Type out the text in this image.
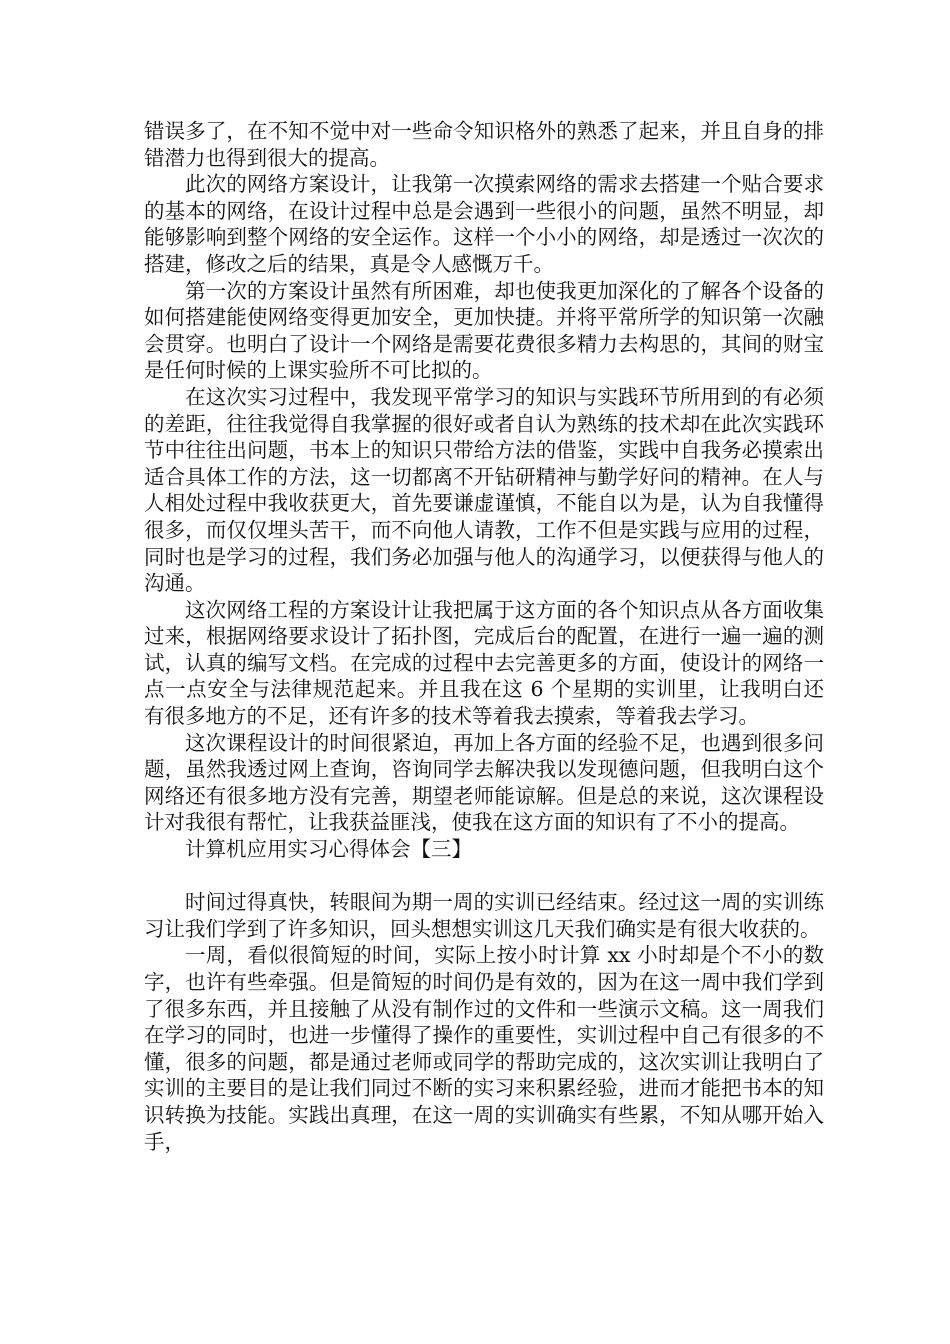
错误多了，在不知不觉中对一些命令知识格外的熟悉了起来，并且自身的排错潜力也得到很大的提高。

此次的网络方案设计，让我第一次摸索网络的需求去搭建一个贴合要求的基本的网络，在设计过程中总是会遇到一些很小的问题，虽然不明显，却能够影响到整个网络的安全运作。这样一个小小的网络，却是透过一次次的搭建，修改之后的结果，真是令人感慨万千。

第一次的方案设计虽然有所困难，却也使我更加深化的了解各个设备的如何搭建能使网络变得更加安全，更加快捷。并将平常所学的知识第一次融会贯穿。也明白了设计一个网络是需要花费很多精力去构思的，其间的财宝是任何时候的上课实验所不可比拟的。

在这次实习过程中，我发现平常学习的知识与实践环节所用到的有必须的差距，往往我觉得自我掌握的很好或者自认为熟练的技术却在此次实践环节中往往出问题，书本上的知识只带给方法的借鉴，实践中自我务必摸索出适合具体工作的方法，这一切都离不开钻研精神与勤学好问的精神。在人与人相处过程中我收获更大，首先要谦虚谨慎，不能自以为是，认为自我懂得很多，而仅仅埋头苦干，而不向他人请教，工作不但是实践与应用的过程，同时也是学习的过程，我们务必加强与他人的沟通学习，以便获得与他人的沟通。

这次网络工程的方案设计让我把属于这方面的各个知识点从各方面收集过来，根据网络要求设计了拓扑图，完成后台的配置，在进行一遍一遍的测试，认真的编写文档。在完成的过程中去完善更多的方面，使设计的网络一点一点安全与法律规范起来。并且我在这 6 个星期的实训里，让我明白还有很多地方的不足，还有许多的技术等着我去摸索，等着我去学习。

这次课程设计的时间很紧迫，再加上各方面的经验不足，也遇到很多问题，虽然我透过网上查询，咨询同学去解决我以发现德问题，但我明白这个网络还有很多地方没有完善，期望老师能谅解。但是总的来说，这次课程设计对我很有帮忙，让我获益匪浅，使我在这方面的知识有了不小的提高。

计算机应用实习心得体会【三】

时间过得真快，转眼间为期一周的实训已经结束。经过这一周的实训练习让我们学到了许多知识，回头想想实训这几天我们确实是有很大收获的。

一周，看似很简短的时间，实际上按小时计算 xx 小时却是个不小的数字，也许有些牵强。但是简短的时间仍是有效的，因为在这一周中我们学到了很多东西，并且接触了从没有制作过的文件和一些演示文稿。这一周我们在学习的同时，也进一步懂得了操作的重要性，实训过程中自己有很多的不懂，很多的问题，都是通过老师或同学的帮助完成的，这次实训让我明白了实训的主要目的是让我们同过不断的实习来积累经验，进而才能把书本的知识转换为技能。实践出真理，在这一周的实训确实有些累，不知从哪开始入手，
